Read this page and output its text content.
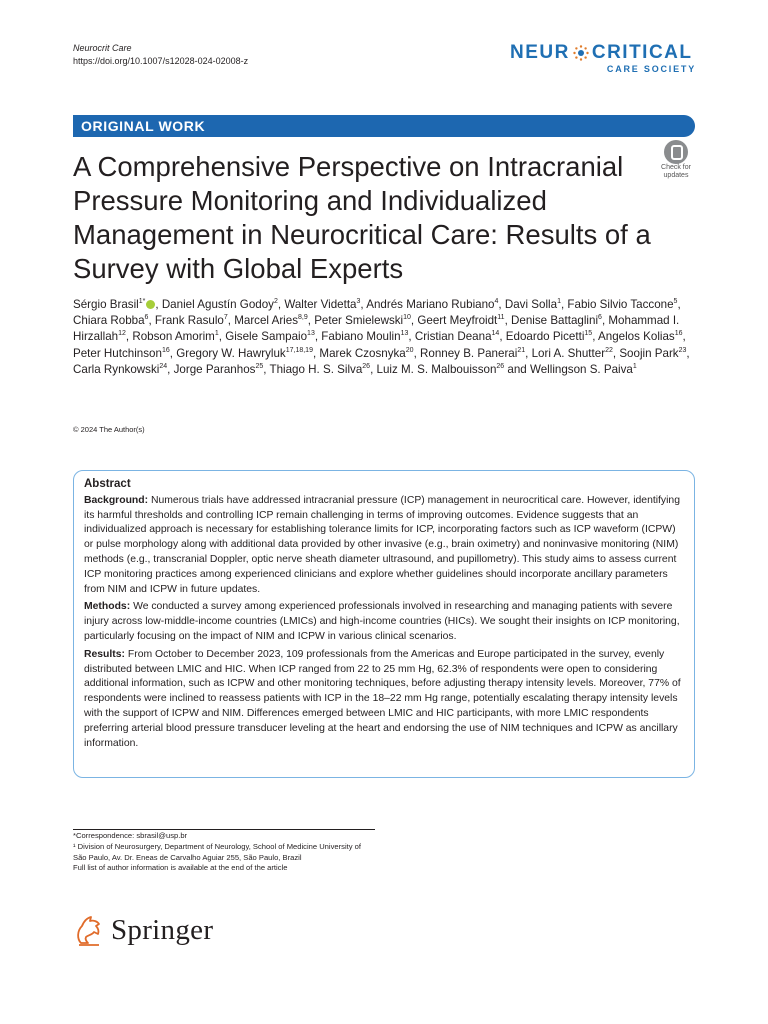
Neurocrit Care
https://doi.org/10.1007/s12028-024-02008-z	NEUR CRITICAL
CARE SOCIETY
ORIGINAL WORK
A Comprehensive Perspective on Intracranial Pressure Monitoring and Individualized Management in Neurocritical Care: Results of a Survey with Global Experts
Check for updates
Sérgio Brasil$^{1*}$ , Daniel Agustín Godoy$^2$, Walter Videtta$^3$, Andrés Mariano Rubiano$^4$, Davi Solla$^1$, Fabio Silvio Taccone$^5$, Chiara Robba$^6$, Frank Rasulo$^7$, Marcel Aries$^{8,9}$, Peter Smielewski$^{10}$, Geert Meyfroidt$^{11}$, Denise Battaglini$^6$, Mohammad I. Hirzallah$^{12}$, Robson Amorim$^1$, Gisele Sampaio$^{13}$, Fabiano Moulin$^{13}$, Cristian Deana$^{14}$, Edoardo Picetti$^{15}$, Angelos Kolias$^{16}$, Peter Hutchinson$^{16}$, Gregory W. Hawryluk$^{17,18,19}$, Marek Czosnyka$^{20}$, Ronney B. Panerai$^{21}$, Lori A. Shutter$^{22}$, Soojin Park$^{23}$, Carla Rynkowski$^{24}$, Jorge Paranhos$^{25}$, Thiago H. S. Silva$^{26}$, Luiz M. S. Malbouisson$^{26}$ and Wellingson S. Paiva$^1$
© 2024 The Author(s)
Abstract

Background: Numerous trials have addressed intracranial pressure (ICP) management in neurocritical care. However, identifying its harmful thresholds and controlling ICP remain challenging in terms of improving outcomes. Evidence suggests that an individualized approach is necessary for establishing tolerance limits for ICP, incorporating factors such as ICP waveform (ICPW) or pulse morphology along with additional data provided by other invasive (e.g., brain oximetry) and noninvasive monitoring (NIM) methods (e.g., transcranial Doppler, optic nerve sheath diameter ultrasound, and pupillometry). This study aims to assess current ICP monitoring practices among experienced clinicians and explore whether guidelines should incorporate ancillary parameters from NIM and ICPW in future updates.

Methods: We conducted a survey among experienced professionals involved in researching and managing patients with severe injury across low-middle-income countries (LMICs) and high-income countries (HICs). We sought their insights on ICP monitoring, particularly focusing on the impact of NIM and ICPW in various clinical scenarios.

Results: From October to December 2023, 109 professionals from the Americas and Europe participated in the survey, evenly distributed between LMIC and HIC. When ICP ranged from 22 to 25 mm Hg, 62.3% of respondents were open to considering additional information, such as ICPW and other monitoring techniques, before adjusting therapy intensity levels. Moreover, 77% of respondents were inclined to reassess patients with ICP in the 18–22 mm Hg range, potentially escalating therapy intensity levels with the support of ICPW and NIM. Differences emerged between LMIC and HIC participants, with more LMIC respondents preferring arterial blood pressure transducer leveling at the heart and endorsing the use of NIM techniques and ICPW as ancillary information.

*Correspondence: sbrasil@usp.br

¹ Division of Neurosurgery, Department of Neurology, School of Medicine University of São Paulo, Av. Dr. Eneas de Carvalho Aguiar 255, São Paulo, Brazil

Full list of author information is available at the end of the article

Springer
